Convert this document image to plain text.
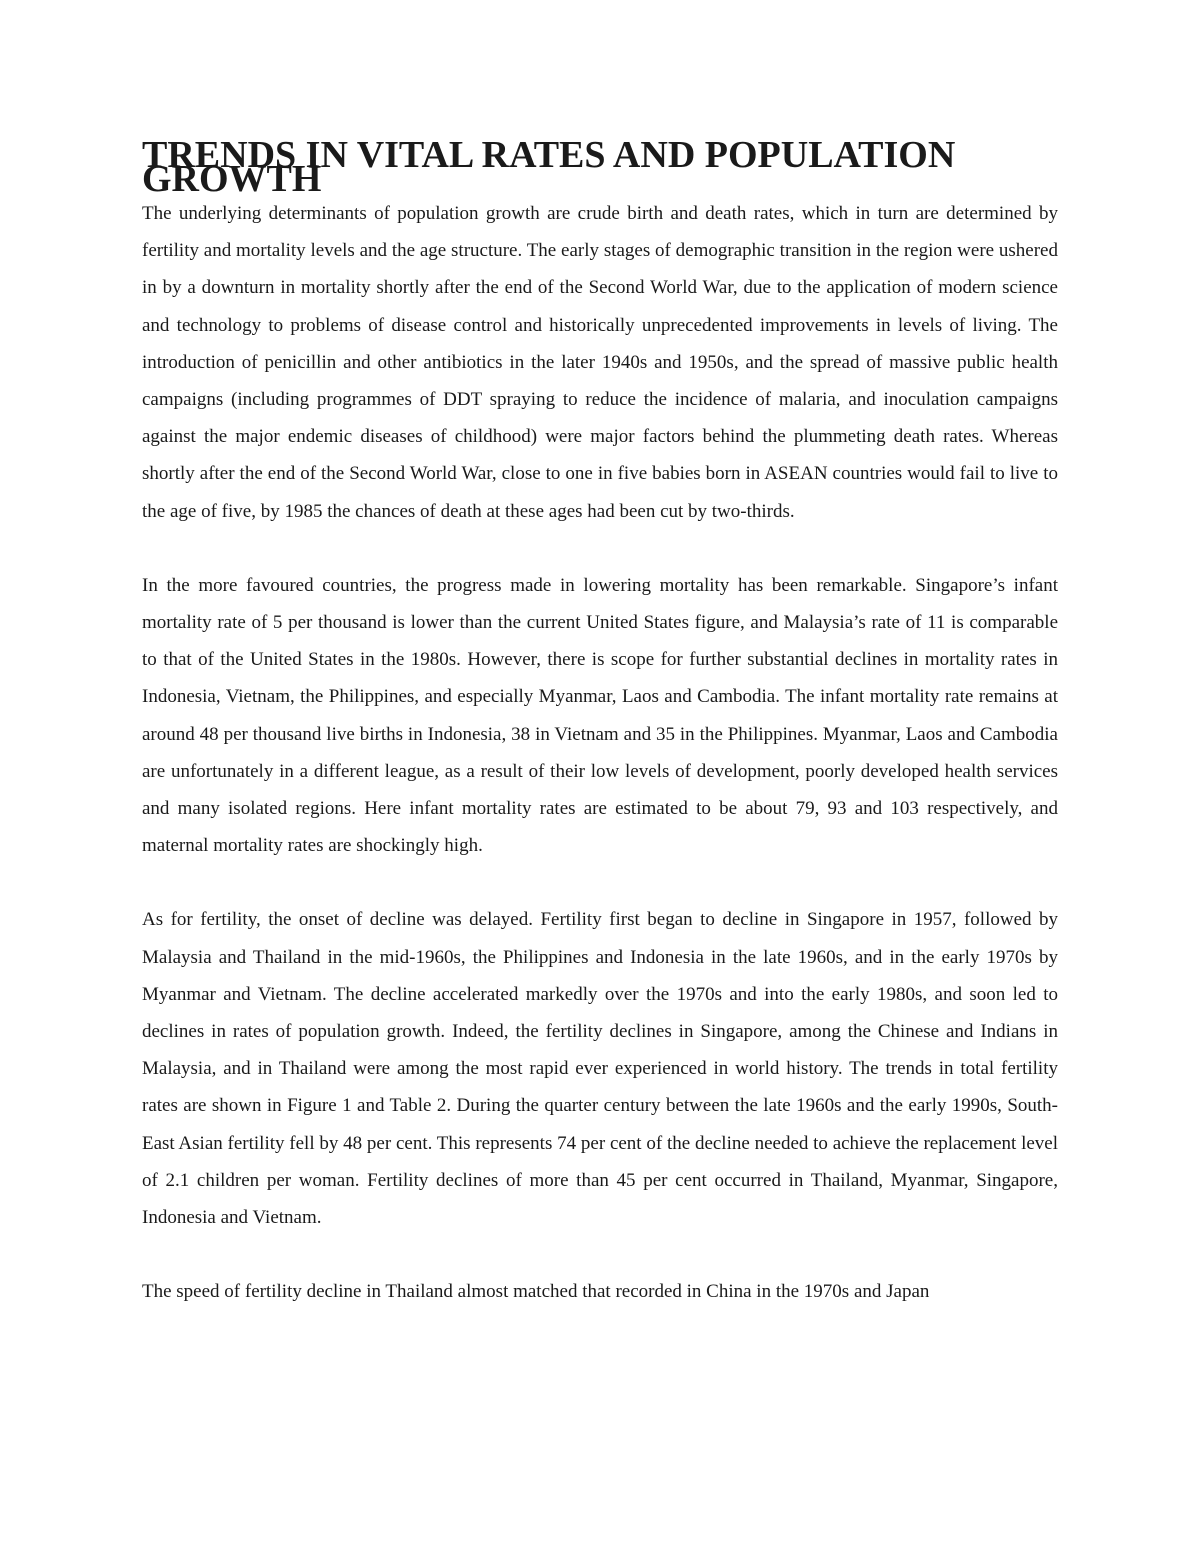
TRENDS IN VITAL RATES AND POPULATION GROWTH

The underlying determinants of population growth are crude birth and death rates, which in turn are determined by fertility and mortality levels and the age structure. The early stages of demographic transition in the region were ushered in by a downturn in mortality shortly after the end of the Second World War, due to the application of modern science and technology to problems of disease control and historically unprecedented improvements in levels of living. The introduction of penicillin and other antibiotics in the later 1940s and 1950s, and the spread of massive public health campaigns (including programmes of DDT spraying to reduce the incidence of malaria, and inoculation campaigns against the major endemic diseases of childhood) were major factors behind the plummeting death rates. Whereas shortly after the end of the Second World War, close to one in five babies born in ASEAN countries would fail to live to the age of five, by 1985 the chances of death at these ages had been cut by two-thirds.

In the more favoured countries, the progress made in lowering mortality has been remarkable. Singapore’s infant mortality rate of 5 per thousand is lower than the current United States figure, and Malaysia’s rate of 11 is comparable to that of the United States in the 1980s. However, there is scope for further substantial declines in mortality rates in Indonesia, Vietnam, the Philippines, and especially Myanmar, Laos and Cambodia. The infant mortality rate remains at around 48 per thousand live births in Indonesia, 38 in Vietnam and 35 in the Philippines. Myanmar, Laos and Cambodia are unfortunately in a different league, as a result of their low levels of development, poorly developed health services and many isolated regions. Here infant mortality rates are estimated to be about 79, 93 and 103 respectively, and maternal mortality rates are shockingly high.

As for fertility, the onset of decline was delayed. Fertility first began to decline in Singapore in 1957, followed by Malaysia and Thailand in the mid-1960s, the Philippines and Indonesia in the late 1960s, and in the early 1970s by Myanmar and Vietnam. The decline accelerated markedly over the 1970s and into the early 1980s, and soon led to declines in rates of population growth. Indeed, the fertility declines in Singapore, among the Chinese and Indians in Malaysia, and in Thailand were among the most rapid ever experienced in world history. The trends in total fertility rates are shown in Figure 1 and Table 2. During the quarter century between the late 1960s and the early 1990s, South- East Asian fertility fell by 48 per cent. This represents 74 per cent of the decline needed to achieve the replacement level of 2.1 children per woman. Fertility declines of more than 45 per cent occurred in Thailand, Myanmar, Singapore, Indonesia and Vietnam.

The speed of fertility decline in Thailand almost matched that recorded in China in the 1970s and Japan
